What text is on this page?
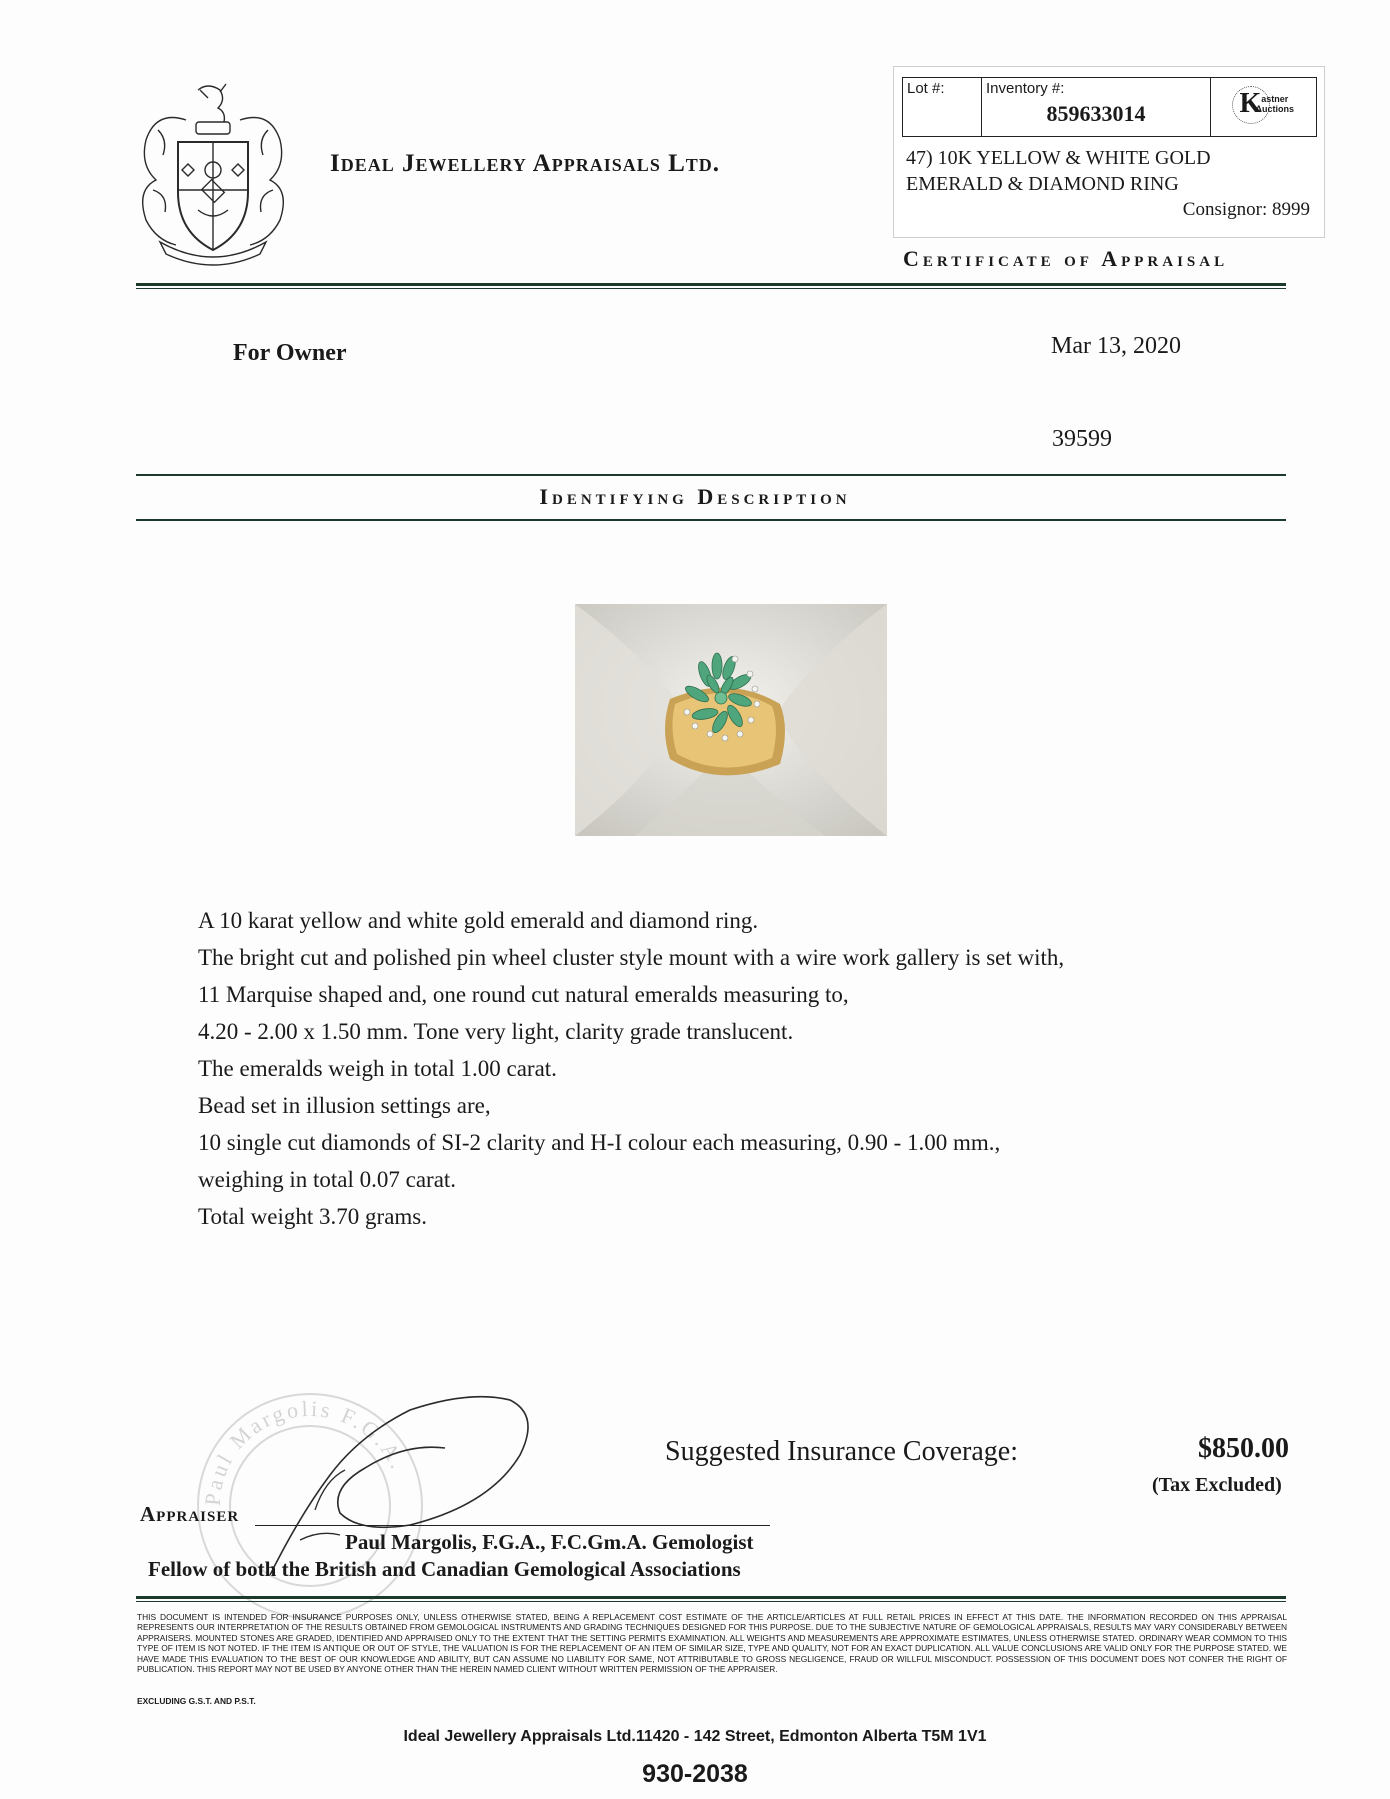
Ideal Jewellery Appraisals Ltd.
Lot #:	Inventory #:
859633014	K astner
Auctions
47) 10K YELLOW & WHITE GOLD
EMERALD & DIAMOND RING
Consignor: 8999
Certificate of Appraisal
For Owner	Mar 13, 2020
39599
Identifying Description
A 10 karat yellow and white gold emerald and diamond ring.
The bright cut and polished pin wheel cluster style mount with a wire work gallery is set with,
11 Marquise shaped and, one round cut natural emeralds measuring to,
4.20 - 2.00 x 1.50 mm. Tone very light, clarity grade translucent.
The emeralds weigh in total 1.00 carat.
Bead set in illusion settings are,
10 single cut diamonds of SI-2 clarity and H-I colour each measuring, 0.90 - 1.00 mm.,
weighing in total 0.07 carat.
Total weight 3.70 grams.
Paul Margolis F.G.A.	Suggested Insurance Coverage:	$850.00
(Tax Excluded)
Appraiser
Paul Margolis, F.G.A., F.C.Gm.A. Gemologist
Fellow of both the British and Canadian Gemological Associations
THIS DOCUMENT IS INTENDED FOR INSURANCE PURPOSES ONLY, UNLESS OTHERWISE STATED, BEING A REPLACEMENT COST ESTIMATE OF THE ARTICLE/ARTICLES AT FULL RETAIL PRICES IN EFFECT AT THIS DATE. THE INFORMATION RECORDED ON THIS APPRAISAL REPRESENTS OUR INTERPRETATION OF THE RESULTS OBTAINED FROM GEMOLOGICAL INSTRUMENTS AND GRADING TECHNIQUES DESIGNED FOR THIS PURPOSE. DUE TO THE SUBJECTIVE NATURE OF GEMOLOGICAL APPRAISALS, RESULTS MAY VARY CONSIDERABLY BETWEEN APPRAISERS. MOUNTED STONES ARE GRADED, IDENTIFIED AND APPRAISED ONLY TO THE EXTENT THAT THE SETTING PERMITS EXAMINATION. ALL WEIGHTS AND MEASUREMENTS ARE APPROXIMATE ESTIMATES, UNLESS OTHERWISE STATED. ORDINARY WEAR COMMON TO THIS TYPE OF ITEM IS NOT NOTED. IF THE ITEM IS ANTIQUE OR OUT OF STYLE, THE VALUATION IS FOR THE REPLACEMENT OF AN ITEM OF SIMILAR SIZE, TYPE AND QUALITY, NOT FOR AN EXACT DUPLICATION. ALL VALUE CONCLUSIONS ARE VALID ONLY FOR THE PURPOSE STATED. WE HAVE MADE THIS EVALUATION TO THE BEST OF OUR KNOWLEDGE AND ABILITY, BUT CAN ASSUME NO LIABILITY FOR SAME, NOT ATTRIBUTABLE TO GROSS NEGLIGENCE, FRAUD OR WILLFUL MISCONDUCT. POSSESSION OF THIS DOCUMENT DOES NOT CONFER THE RIGHT OF PUBLICATION. THIS REPORT MAY NOT BE USED BY ANYONE OTHER THAN THE HEREIN NAMED CLIENT WITHOUT WRITTEN PERMISSION OF THE APPRAISER.
EXCLUDING G.S.T. AND P.S.T.
Ideal Jewellery Appraisals Ltd.11420 - 142 Street, Edmonton Alberta T5M 1V1
930-2038
